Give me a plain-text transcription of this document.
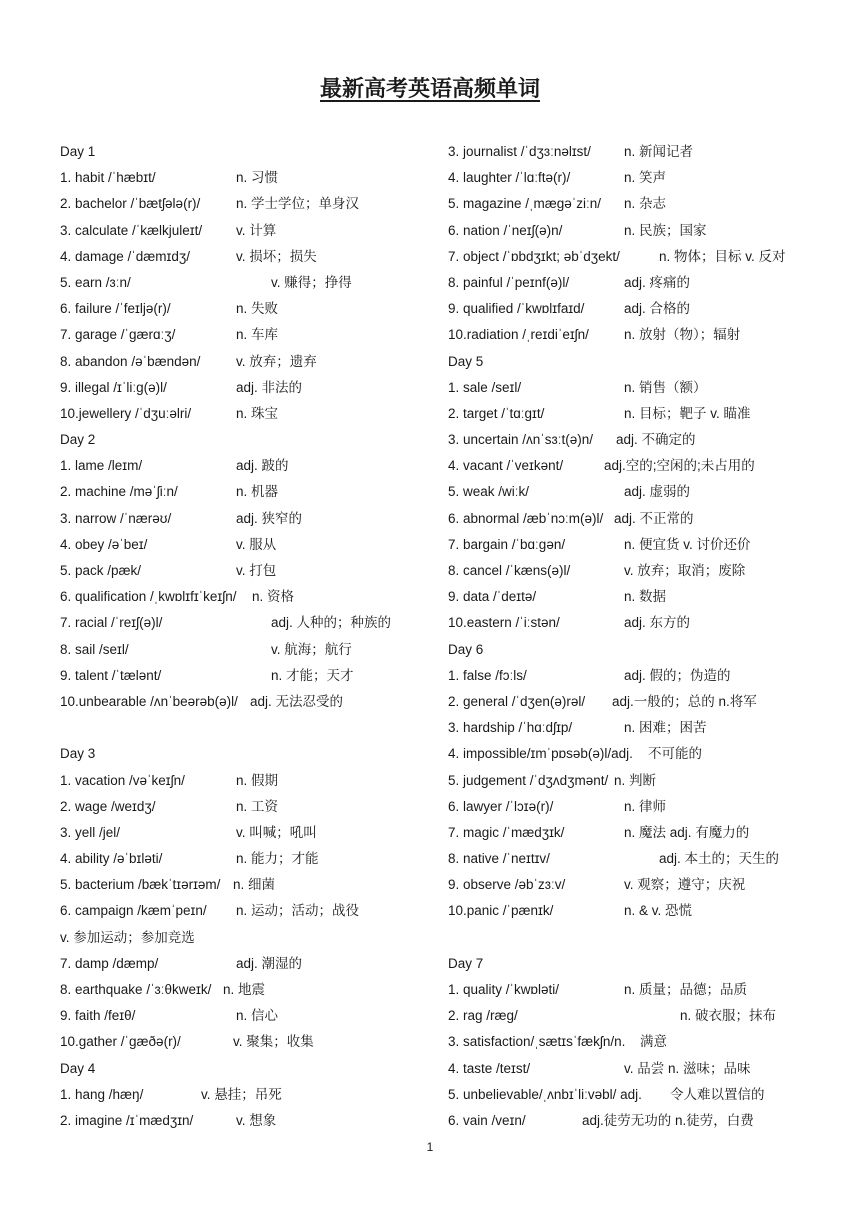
最新高考英语高频单词
Day 1
1. habit /ˈhæbɪt/	n. 习惯
2. bachelor /ˈbætʃələ(r)/	n. 学士学位；单身汉
3. calculate /ˈkælkjuleɪt/	v. 计算
4. damage /ˈdæmɪdʒ/	v. 损坏；损失
5. earn /ɜːn/	v. 赚得；挣得
6. failure /ˈfeɪljə(r)/	n. 失败
7. garage /ˈgærɑːʒ/	n. 车库
8. abandon /əˈbændən/	v. 放弃；遗弃
9. illegal /ɪˈliːg(ə)l/	adj. 非法的
10.jewellery /ˈdʒuːəlri/	n. 珠宝
Day 2
1. lame /leɪm/	adj. 跛的
2. machine /məˈʃiːn/	n. 机器
3. narrow /ˈnærəʊ/	adj. 狭窄的
4. obey /əˈbeɪ/	v. 服从
5. pack /pæk/	v. 打包
6. qualification /ˌkwɒlɪfɪˈkeɪʃn/ n. 资格
7. racial /ˈreɪʃ(ə)l/	adj. 人种的；种族的
8. sail /seɪl/	v. 航海；航行
9. talent /ˈtælənt/	n. 才能；天才
10.unbearable /ʌnˈbeərəb(ə)l/ adj. 无法忍受的
Day 3
1. vacation /vəˈkeɪʃn/	n. 假期
2. wage /weɪdʒ/	n. 工资
3. yell /jel/	v. 叫喊；吼叫
4. ability /əˈbɪləti/	n. 能力；才能
5. bacterium /bækˈtɪərɪəm/ n. 细菌
6. campaign /kæmˈpeɪn/ n. 运动；活动；战役
v. 参加运动；参加竞选
7. damp /dæmp/	adj. 潮湿的
8. earthquake /ˈɜːθkweɪk/ n. 地震
9. faith /feɪθ/	n. 信心
10.gather /ˈgæðə(r)/	v. 聚集；收集
Day 4
1. hang /hæŋ/	v. 悬挂；吊死
2. imagine /ɪˈmædʒɪn/	v. 想象
3. journalist /ˈdʒɜːnəlɪst/ n. 新闻记者
4. laughter /ˈlɑːftə(r)/	n. 笑声
5. magazine /ˌmægəˈziːn/ n. 杂志
6. nation /ˈneɪʃ(ə)n/	n. 民族；国家
7. object /ˈɒbdʒɪkt; əbˈdʒekt/	n. 物体；目标 v. 反对
8. painful /ˈpeɪnf(ə)l/	adj. 疼痛的
9. qualified /ˈkwɒlɪfaɪd/	adj. 合格的
10.radiation /ˌreɪdiˈeɪʃn/	n. 放射（物）；辐射
Day 5
1. sale /seɪl/	n. 销售（额）
2. target /ˈtɑːgɪt/	n. 目标；靶子 v. 瞄准
3. uncertain /ʌnˈsɜːt(ə)n/ adj. 不确定的
4. vacant /ˈveɪkənt/	adj.空的;空闲的;未占用的
5. weak /wiːk/	adj. 虚弱的
6. abnormal /æbˈnɔːm(ə)l/ adj. 不正常的
7. bargain /ˈbɑːgən/	n. 便宜货 v. 讨价还价
8. cancel /ˈkæns(ə)l/	v. 放弃；取消；废除
9. data /ˈdeɪtə/	n. 数据
10.eastern /ˈiːstən/	adj. 东方的
Day 6
1. false /fɔːls/	adj. 假的；伪造的
2. general /ˈdʒen(ə)rəl/ adj.一般的；总的 n.将军
3. hardship /ˈhɑːdʃɪp/	n. 困难；困苦
4. impossible/ɪmˈpɒsəb(ə)l/adj. 不可能的
5. judgement /ˈdʒʌdʒmənt/ n. 判断
6. lawyer /ˈlɔɪə(r)/	n. 律师
7. magic /ˈmædʒɪk/	n. 魔法 adj. 有魔力的
8. native /ˈneɪtɪv/	adj. 本土的；天生的
9. observe /əbˈzɜːv/	v. 观察；遵守；庆祝
10.panic /ˈpænɪk/	n. & v. 恐慌
Day 7
1. quality /ˈkwɒləti/	n. 质量；品德；品质
2. rag /ræg/	n. 破衣服；抹布
3. satisfaction/ˌsætɪsˈfækʃn/n. 满意
4. taste /teɪst/	v. 品尝 n. 滋味；品味
5. unbelievable/ˌʌnbɪˈliːvəbl/ adj. 令人难以置信的
6. vain /veɪn/	adj.徒劳无功的 n.徒劳，白费
1
